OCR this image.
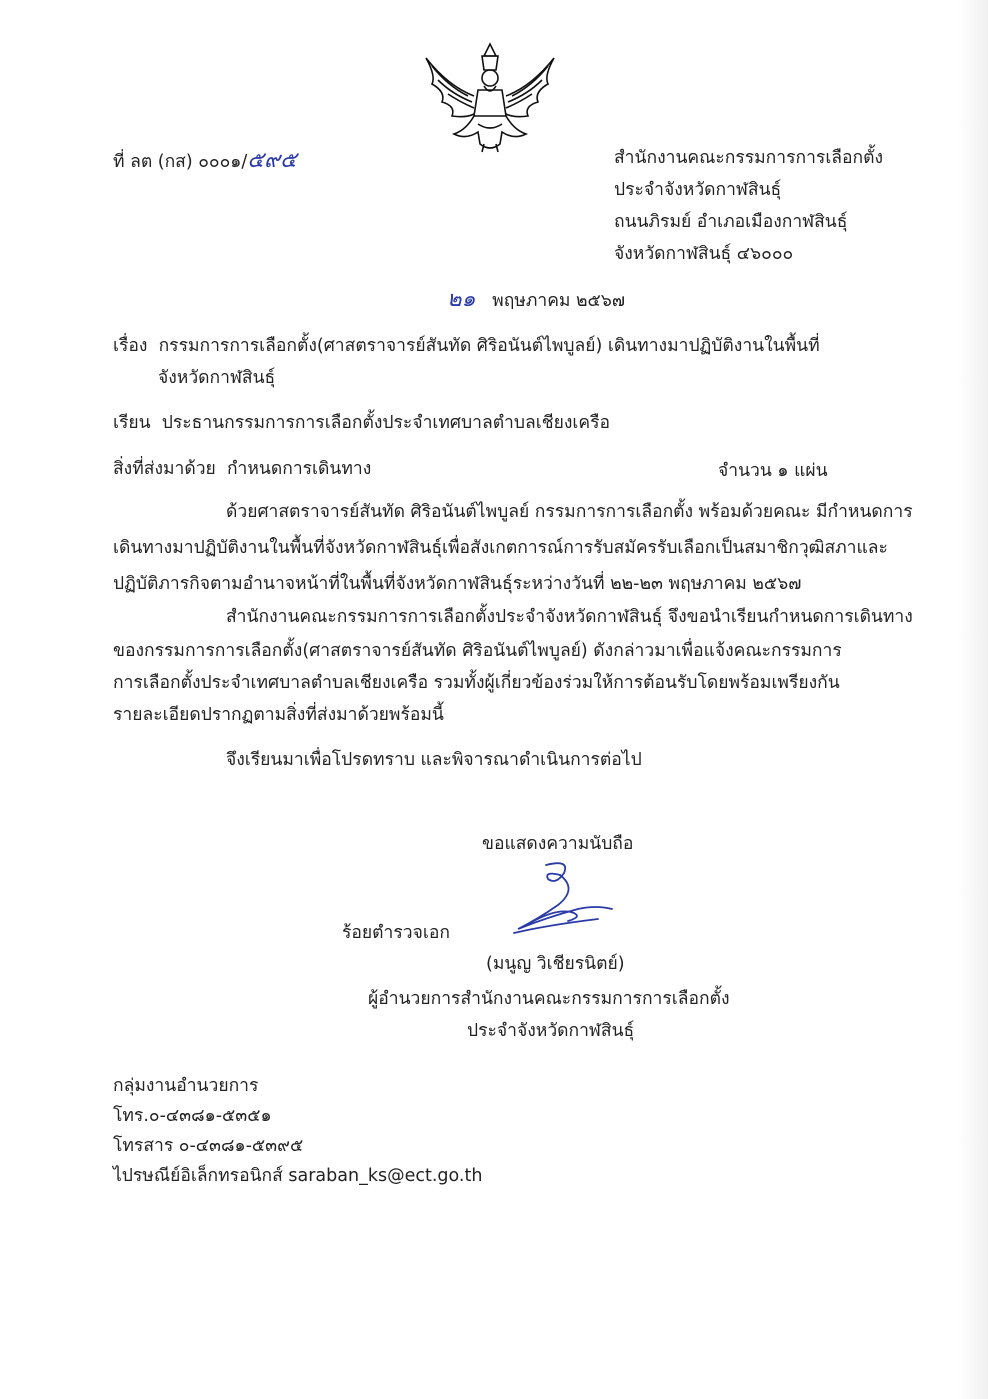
ที่ ลต (กส) ๐๐๐๑/๕๙๕	สำนักงานคณะกรรมการการเลือกตั้ง
ประจำจังหวัดกาฬสินธุ์
ถนนภิรมย์ อำเภอเมืองกาฬสินธุ์
จังหวัดกาฬสินธุ์ ๔๖๐๐๐
๒๑ พฤษภาคม ๒๕๖๗
เรื่อง กรรมการการเลือกตั้ง(ศาสตราจารย์สันทัด ศิริอนันต์ไพบูลย์) เดินทางมาปฏิบัติงานในพื้นที่
จังหวัดกาฬสินธุ์
เรียน ประธานกรรมการการเลือกตั้งประจำเทศบาลตำบลเชียงเครือ
สิ่งที่ส่งมาด้วย กำหนดการเดินทาง	จำนวน ๑ แผ่น
ด้วยศาสตราจารย์สันทัด ศิริอนันต์ไพบูลย์ กรรมการการเลือกตั้ง พร้อมด้วยคณะ มีกำหนดการ
เดินทางมาปฏิบัติงานในพื้นที่จังหวัดกาฬสินธุ์เพื่อสังเกตการณ์การรับสมัครรับเลือกเป็นสมาชิกวุฒิสภาและ
ปฏิบัติภารกิจตามอำนาจหน้าที่ในพื้นที่จังหวัดกาฬสินธุ์ระหว่างวันที่ ๒๒-๒๓ พฤษภาคม ๒๕๖๗
สำนักงานคณะกรรมการการเลือกตั้งประจำจังหวัดกาฬสินธุ์ จึงขอนำเรียนกำหนดการเดินทาง
ของกรรมการการเลือกตั้ง(ศาสตราจารย์สันทัด ศิริอนันต์ไพบูลย์) ดังกล่าวมาเพื่อแจ้งคณะกรรมการ
การเลือกตั้งประจำเทศบาลตำบลเชียงเครือ รวมทั้งผู้เกี่ยวข้องร่วมให้การต้อนรับโดยพร้อมเพรียงกัน
รายละเอียดปรากฏตามสิ่งที่ส่งมาด้วยพร้อมนี้
จึงเรียนมาเพื่อโปรดทราบ และพิจารณาดำเนินการต่อไป
ขอแสดงความนับถือ
ร้อยตำรวจเอก
(มนูญ วิเชียรนิตย์)
ผู้อำนวยการสำนักงานคณะกรรมการการเลือกตั้ง
ประจำจังหวัดกาฬสินธุ์
กลุ่มงานอำนวยการ
โทร.๐-๔๓๘๑-๕๓๕๑
โทรสาร ๐-๔๓๘๑-๕๓๙๕
ไปรษณีย์อิเล็กทรอนิกส์ saraban_ks@ect.go.th
